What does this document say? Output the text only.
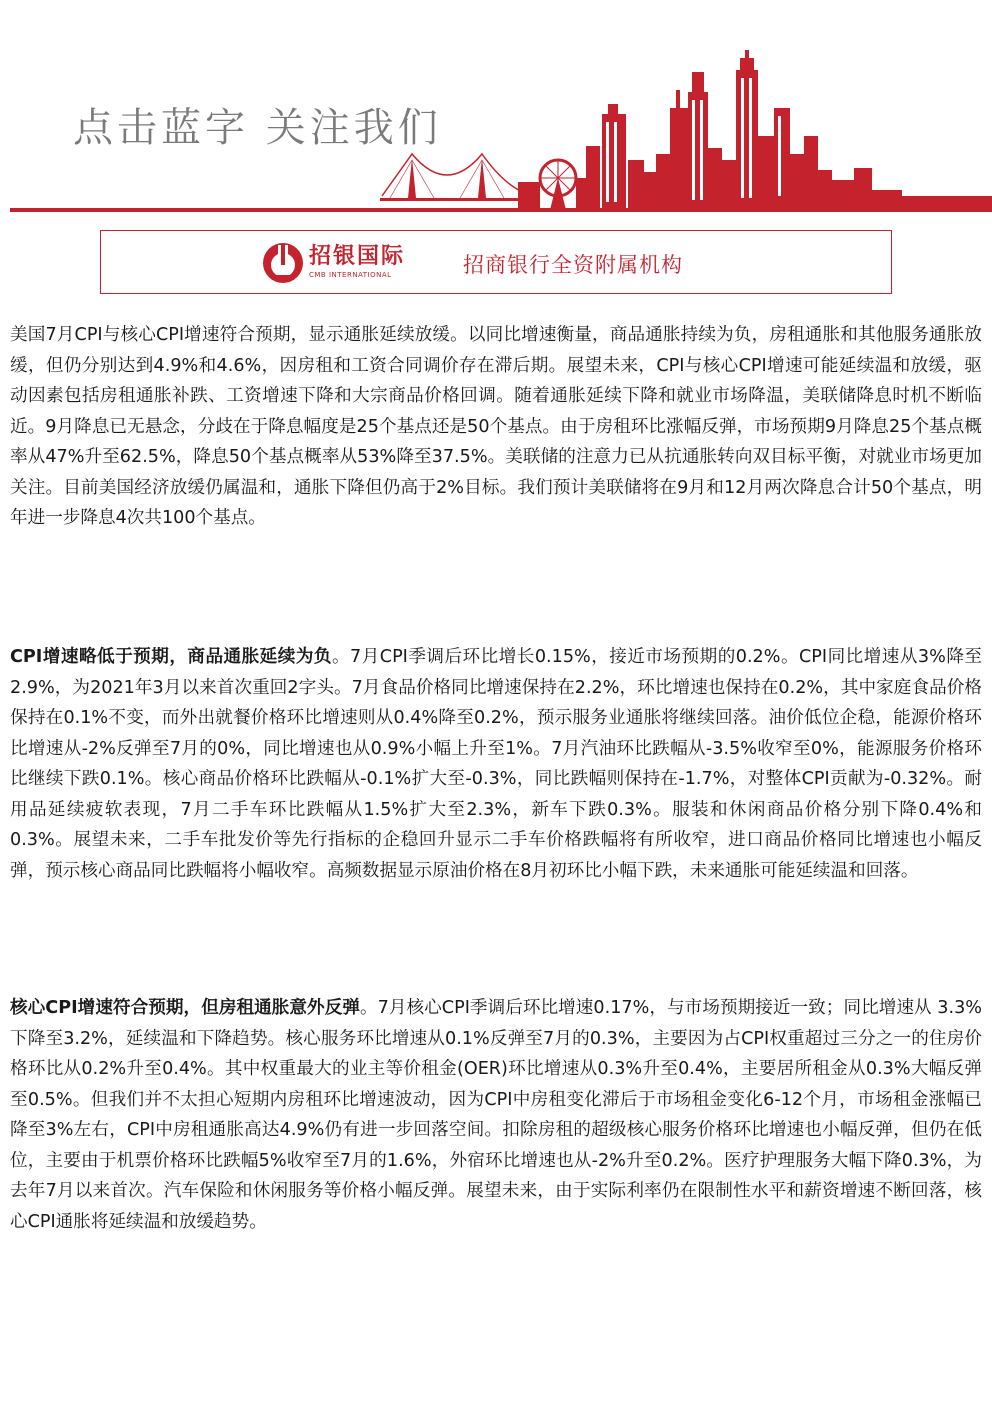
点击蓝字 关注我们
招银国际
CMB INTERNATIONAL	招商银行全资附属机构
美国7月CPI与核心CPI增速符合预期，显示通胀延续放缓。以同比增速衡量，商品通胀持续为负，房租通胀和其他服务通胀放缓，但仍分别达到4.9%和4.6%，因房租和工资合同调价存在滞后期。展望未来，CPI与核心CPI增速可能延续温和放缓，驱动因素包括房租通胀补跌、工资增速下降和大宗商品价格回调。随着通胀延续下降和就业市场降温，美联储降息时机不断临近。9月降息已无悬念，分歧在于降息幅度是25个基点还是50个基点。由于房租环比涨幅反弹，市场预期9月降息25个基点概率从47%升至62.5%，降息50个基点概率从53%降至37.5%。美联储的注意力已从抗通胀转向双目标平衡，对就业市场更加关注。目前美国经济放缓仍属温和，通胀下降但仍高于2%目标。我们预计美联储将在9月和12月两次降息合计50个基点，明年进一步降息4次共100个基点。
CPI增速略低于预期，商品通胀延续为负。7月CPI季调后环比增长0.15%，接近市场预期的0.2%。CPI同比增速从3%降至2.9%，为2021年3月以来首次重回2字头。7月食品价格同比增速保持在2.2%，环比增速也保持在0.2%，其中家庭食品价格保持在0.1%不变，而外出就餐价格环比增速则从0.4%降至0.2%，预示服务业通胀将继续回落。油价低位企稳，能源价格环比增速从-2%反弹至7月的0%，同比增速也从0.9%小幅上升至1%。7月汽油环比跌幅从-3.5%收窄至0%，能源服务价格环比继续下跌0.1%。核心商品价格环比跌幅从-0.1%扩大至-0.3%，同比跌幅则保持在-1.7%，对整体CPI贡献为-0.32%。耐用品延续疲软表现，7月二手车环比跌幅从1.5%扩大至2.3%，新车下跌0.3%。服装和休闲商品价格分别下降0.4%和0.3%。展望未来，二手车批发价等先行指标的企稳回升显示二手车价格跌幅将有所收窄，进口商品价格同比增速也小幅反弹，预示核心商品同比跌幅将小幅收窄。高频数据显示原油价格在8月初环比小幅下跌，未来通胀可能延续温和回落。
核心CPI增速符合预期，但房租通胀意外反弹。7月核心CPI季调后环比增速0.17%，与市场预期接近一致；同比增速从 3.3%下降至3.2%，延续温和下降趋势。核心服务环比增速从0.1%反弹至7月的0.3%，主要因为占CPI权重超过三分之一的住房价格环比从0.2%升至0.4%。其中权重最大的业主等价租金(OER)环比增速从0.3%升至0.4%，主要居所租金从0.3%大幅反弹至0.5%。但我们并不太担心短期内房租环比增速波动，因为CPI中房租变化滞后于市场租金变化6-12个月，市场租金涨幅已降至3%左右，CPI中房租通胀高达4.9%仍有进一步回落空间。扣除房租的超级核心服务价格环比增速也小幅反弹，但仍在低位，主要由于机票价格环比跌幅5%收窄至7月的1.6%，外宿环比增速也从-2%升至0.2%。医疗护理服务大幅下降0.3%，为去年7月以来首次。汽车保险和休闲服务等价格小幅反弹。展望未来，由于实际利率仍在限制性水平和薪资增速不断回落，核心CPI通胀将延续温和放缓趋势。
